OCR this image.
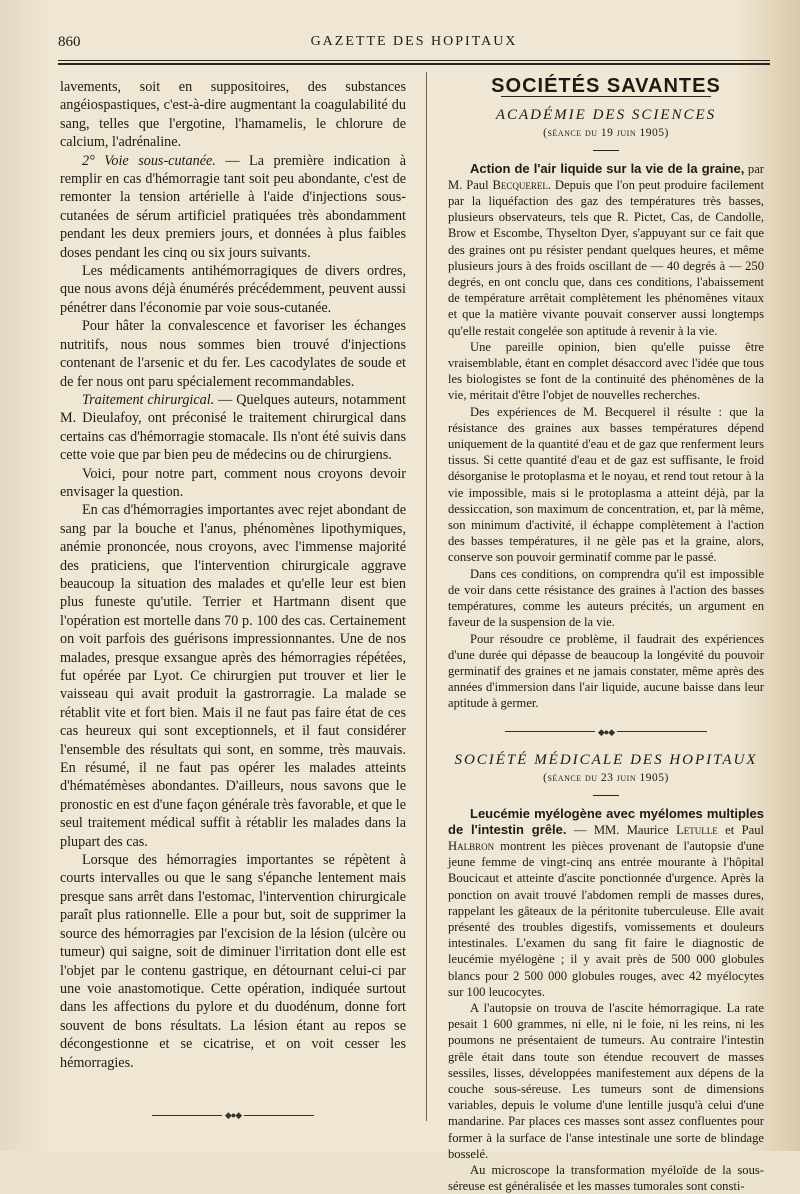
860	GAZETTE DES HOPITAUX

lavements, soit en suppositoires, des substances angéiospastiques, c'est-à-dire augmentant la coagulabilité du sang, telles que l'ergotine, l'hamamelis, le chlorure de calcium, l'adrénaline.

2° Voie sous-cutanée. — La première indication à remplir en cas d'hémorragie tant soit peu abondante, c'est de remonter la tension artérielle à l'aide d'injections sous-cutanées de sérum artificiel pratiquées très abondamment pendant les deux premiers jours, et données à plus faibles doses pendant les cinq ou six jours suivants.

Les médicaments antihémorragiques de divers ordres, que nous avons déjà énumérés précédemment, peuvent aussi pénétrer dans l'économie par voie sous-cutanée.

Pour hâter la convalescence et favoriser les échanges nutritifs, nous nous sommes bien trouvé d'injections contenant de l'arsenic et du fer. Les cacodylates de soude et de fer nous ont paru spécialement recommandables.

Traitement chirurgical. — Quelques auteurs, notamment M. Dieulafoy, ont préconisé le traitement chirurgical dans certains cas d'hémorragie stomacale. Ils n'ont été suivis dans cette voie que par bien peu de médecins ou de chirurgiens.

Voici, pour notre part, comment nous croyons devoir envisager la question.

En cas d'hémorragies importantes avec rejet abondant de sang par la bouche et l'anus, phénomènes lipothymiques, anémie prononcée, nous croyons, avec l'immense majorité des praticiens, que l'intervention chirurgicale aggrave beaucoup la situation des malades et qu'elle leur est bien plus funeste qu'utile. Terrier et Hartmann disent que l'opération est mortelle dans 70 p. 100 des cas. Certainement on voit parfois des guérisons impressionnantes. Une de nos malades, presque exsangue après des hémorragies répétées, fut opérée par Lyot. Ce chirurgien put trouver et lier le vaisseau qui avait produit la gastrorragie. La malade se rétablit vite et fort bien. Mais il ne faut pas faire état de ces cas heureux qui sont exceptionnels, et il faut considérer l'ensemble des résultats qui sont, en somme, très mauvais. En résumé, il ne faut pas opérer les malades atteints d'hématémèses abondantes. D'ailleurs, nous savons que le pronostic en est d'une façon générale très favorable, et que le seul traitement médical suffit à rétablir les malades dans la plupart des cas.

Lorsque des hémorragies importantes se répètent à courts intervalles ou que le sang s'épanche lentement mais presque sans arrêt dans l'estomac, l'intervention chirurgicale paraît plus rationnelle. Elle a pour but, soit de supprimer la source des hémorragies par l'excision de la lésion (ulcère ou tumeur) qui saigne, soit de diminuer l'irritation dont elle est l'objet par le contenu gastrique, en détournant celui-ci par une voie anastomotique. Cette opération, indiquée surtout dans les affections du pylore et du duodénum, donne fort souvent de bons résultats. La lésion étant au repos se décongestionne et se cicatrise, et on voit cesser les hémorragies.

◆●◆
SOCIÉTÉS SAVANTES
ACADÉMIE DES SCIENCES
(séance du 19 juin 1905)

Action de l'air liquide sur la vie de la graine, par M. Paul Becquerel. Depuis que l'on peut produire facilement par la liquéfaction des gaz des températures très basses, plusieurs observateurs, tels que R. Pictet, Cas, de Candolle, Brow et Escombe, Thyselton Dyer, s'appuyant sur ce fait que des graines ont pu résister pendant quelques heures, et même plusieurs jours à des froids oscillant de — 40 degrés à — 250 degrés, en ont conclu que, dans ces conditions, l'abaissement de température arrêtait complètement les phénomènes vitaux et que la matière vivante pouvait conserver aussi longtemps qu'elle restait congelée son aptitude à revenir à la vie.

Une pareille opinion, bien qu'elle puisse être vraisemblable, étant en complet désaccord avec l'idée que tous les biologistes se font de la continuité des phénomènes de la vie, méritait d'être l'objet de nouvelles recherches.

Des expériences de M. Becquerel il résulte : que la résistance des graines aux basses températures dépend uniquement de la quantité d'eau et de gaz que renferment leurs tissus. Si cette quantité d'eau et de gaz est suffisante, le froid désorganise le protoplasma et le noyau, et rend tout retour à la vie impossible, mais si le protoplasma a atteint déjà, par la dessiccation, son maximum de concentration, et, par là même, son minimum d'activité, il échappe complètement à l'action des basses températures, il ne gèle pas et la graine, alors, conserve son pouvoir germinatif comme par le passé.

Dans ces conditions, on comprendra qu'il est impossible de voir dans cette résistance des graines à l'action des basses températures, comme les auteurs précités, un argument en faveur de la suspension de la vie.

Pour résoudre ce problème, il faudrait des expériences d'une durée qui dépasse de beaucoup la longévité du pouvoir germinatif des graines et ne jamais constater, même après des années d'immersion dans l'air liquide, aucune baisse dans leur aptitude à germer.

◆●◆
SOCIÉTÉ MÉDICALE DES HOPITAUX
(séance du 23 juin 1905)

Leucémie myélogène avec myélomes multiples de l'intestin grêle. — MM. Maurice Letulle et Paul Halbron montrent les pièces provenant de l'autopsie d'une jeune femme de vingt-cinq ans entrée mourante à l'hôpital Boucicaut et atteinte d'ascite ponctionnée d'urgence. Après la ponction on avait trouvé l'abdomen rempli de masses dures, rappelant les gâteaux de la péritonite tuberculeuse. Elle avait présenté des troubles digestifs, vomissements et douleurs intestinales. L'examen du sang fit faire le diagnostic de leucémie myélogène ; il y avait près de 500 000 globules blancs pour 2 500 000 globules rouges, avec 42 myélocytes sur 100 leucocytes.

A l'autopsie on trouva de l'ascite hémorragique. La rate pesait 1 600 grammes, ni elle, ni le foie, ni les reins, ni les poumons ne présentaient de tumeurs. Au contraire l'intestin grêle était dans toute son étendue recouvert de masses sessiles, lisses, développées manifestement aux dépens de la couche sous-séreuse. Les tumeurs sont de dimensions variables, depuis le volume d'une lentille jusqu'à celui d'une mandarine. Par places ces masses sont assez confluentes pour former à la surface de l'anse intestinale une sorte de blindage bosselé.

Au microscope la transformation myéloïde de la sous-séreuse est généralisée et les masses tumorales sont consti-
